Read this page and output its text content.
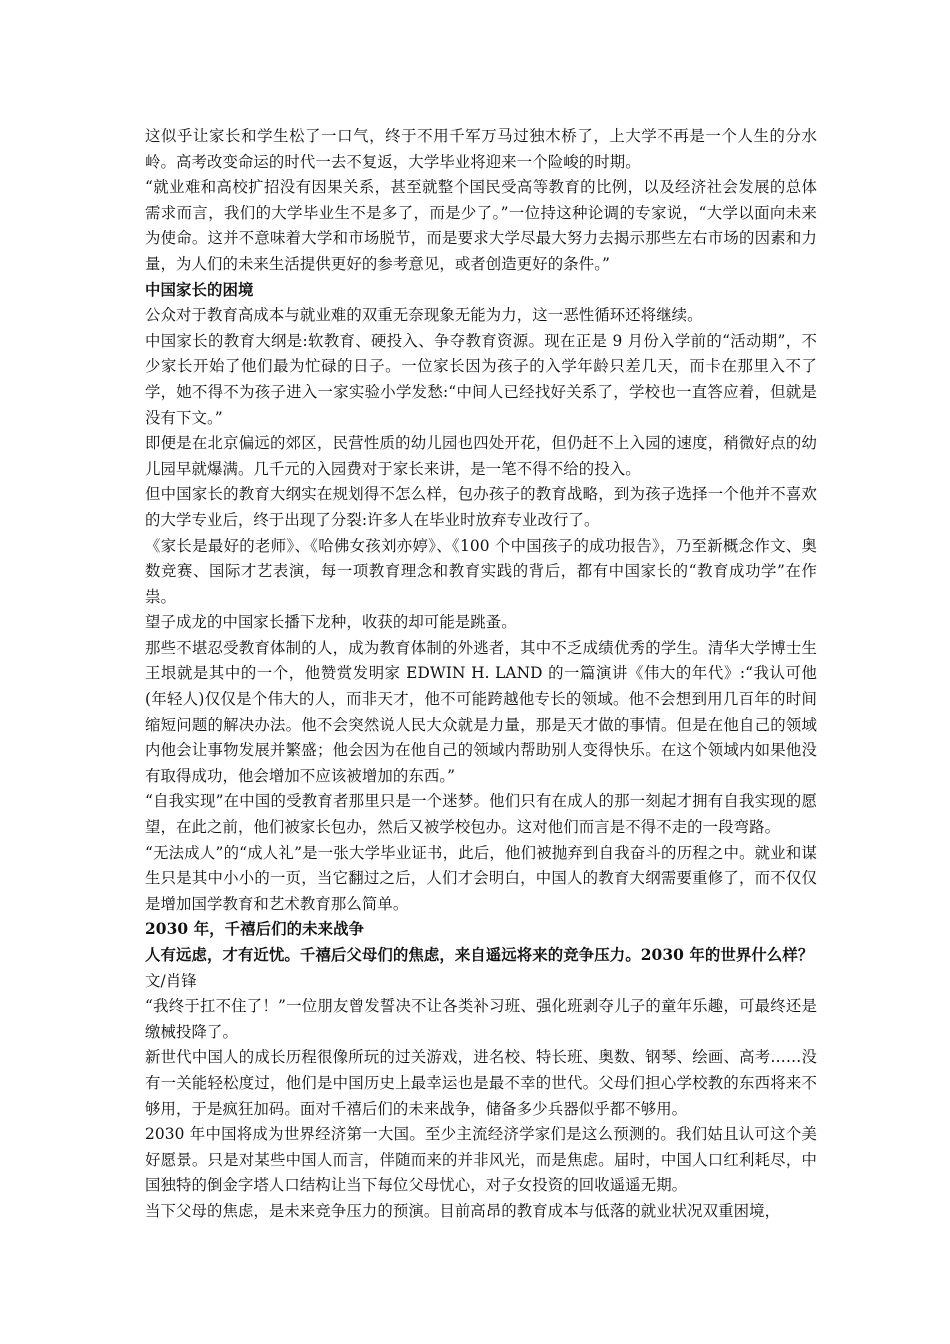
这似乎让家长和学生松了一口气，终于不用千军万马过独木桥了，上大学不再是一个人生的分水岭。高考改变命运的时代一去不复返，大学毕业将迎来一个险峻的时期。

“就业难和高校扩招没有因果关系，甚至就整个国民受高等教育的比例，以及经济社会发展的总体需求而言，我们的大学毕业生不是多了，而是少了。”一位持这种论调的专家说，“大学以面向未来为使命。这并不意味着大学和市场脱节，而是要求大学尽最大努力去揭示那些左右市场的因素和力量，为人们的未来生活提供更好的参考意见，或者创造更好的条件。”

中国家长的困境

公众对于教育高成本与就业难的双重无奈现象无能为力，这一恶性循环还将继续。

中国家长的教育大纲是:软教育、硬投入、争夺教育资源。现在正是 9 月份入学前的“活动期”，不少家长开始了他们最为忙碌的日子。一位家长因为孩子的入学年龄只差几天，而卡在那里入不了学，她不得不为孩子进入一家实验小学发愁:“中间人已经找好关系了，学校也一直答应着，但就是没有下文。”

即便是在北京偏远的郊区，民营性质的幼儿园也四处开花，但仍赶不上入园的速度，稍微好点的幼儿园早就爆满。几千元的入园费对于家长来讲，是一笔不得不给的投入。

但中国家长的教育大纲实在规划得不怎么样，包办孩子的教育战略，到为孩子选择一个他并不喜欢的大学专业后，终于出现了分裂:许多人在毕业时放弃专业改行了。

《家长是最好的老师》、《哈佛女孩刘亦婷》、《100 个中国孩子的成功报告》，乃至新概念作文、奥数竞赛、国际才艺表演，每一项教育理念和教育实践的背后，都有中国家长的“教育成功学”在作祟。

望子成龙的中国家长播下龙种，收获的却可能是跳蚤。

那些不堪忍受教育体制的人，成为教育体制的外逃者，其中不乏成绩优秀的学生。清华大学博士生王垠就是其中的一个，他赞赏发明家 EDWIN H. LAND 的一篇演讲《伟大的年代》:“我认可他(年轻人)仅仅是个伟大的人，而非天才，他不可能跨越他专长的领域。他不会想到用几百年的时间缩短问题的解决办法。他不会突然说人民大众就是力量，那是天才做的事情。但是在他自己的领域内他会让事物发展并繁盛；他会因为在他自己的领域内帮助别人变得快乐。在这个领域内如果他没有取得成功，他会增加不应该被增加的东西。”

“自我实现”在中国的受教育者那里只是一个迷梦。他们只有在成人的那一刻起才拥有自我实现的愿望，在此之前，他们被家长包办，然后又被学校包办。这对他们而言是不得不走的一段弯路。

“无法成人”的“成人礼”是一张大学毕业证书，此后，他们被抛弃到自我奋斗的历程之中。就业和谋生只是其中小小的一页，当它翻过之后，人们才会明白，中国人的教育大纲需要重修了，而不仅仅是增加国学教育和艺术教育那么简单。

2030 年，千禧后们的未来战争

人有远虑，才有近忧。千禧后父母们的焦虑，来自遥远将来的竞争压力。2030 年的世界什么样？

文/肖锋

“我终于扛不住了！”一位朋友曾发誓决不让各类补习班、强化班剥夺儿子的童年乐趣，可最终还是缴械投降了。

新世代中国人的成长历程很像所玩的过关游戏，进名校、特长班、奥数、钢琴、绘画、高考……没有一关能轻松度过，他们是中国历史上最幸运也是最不幸的世代。父母们担心学校教的东西将来不够用，于是疯狂加码。面对千禧后们的未来战争，储备多少兵器似乎都不够用。

2030 年中国将成为世界经济第一大国。至少主流经济学家们是这么预测的。我们姑且认可这个美好愿景。只是对某些中国人而言，伴随而来的并非风光，而是焦虑。届时，中国人口红利耗尽，中国独特的倒金字塔人口结构让当下每位父母忧心，对子女投资的回收遥遥无期。

当下父母的焦虑，是未来竞争压力的预演。目前高昂的教育成本与低落的就业状况双重困境，
